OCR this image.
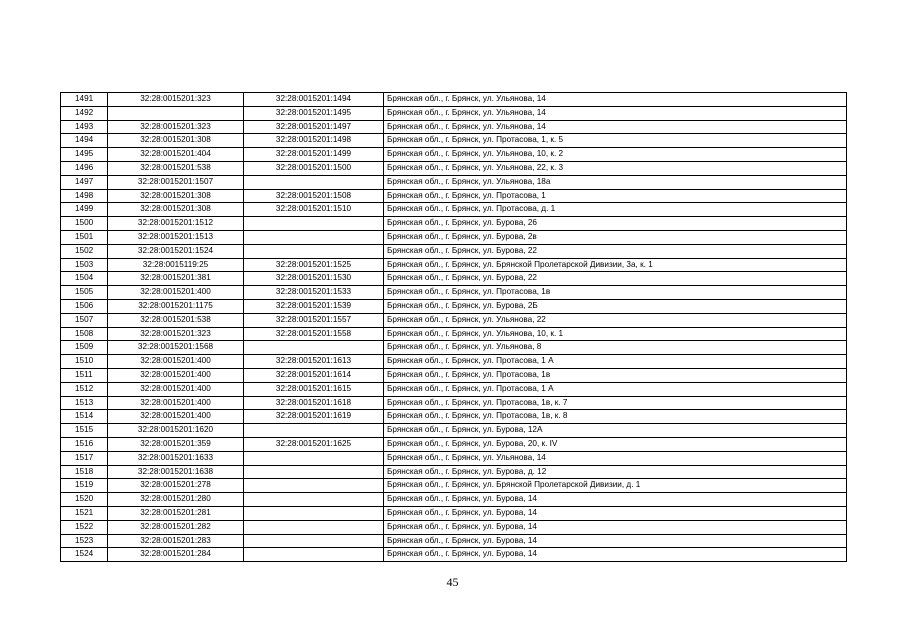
1491	32:28:0015201:323	32:28:0015201:1494	Брянская обл., г. Брянск, ул. Ульянова, 14
1492		32:28:0015201:1495	Брянская обл., г. Брянск, ул. Ульянова, 14
1493	32:28:0015201:323	32:28:0015201:1497	Брянская обл., г. Брянск, ул. Ульянова, 14
1494	32:28:0015201:308	32:28:0015201:1498	Брянская обл., г. Брянск, ул. Протасова, 1, к. 5
1495	32:28:0015201:404	32:28:0015201:1499	Брянская обл., г. Брянск, ул. Ульянова, 10, к. 2
1496	32:28:0015201:538	32:28:0015201:1500	Брянская обл., г. Брянск, ул. Ульянова, 22, к. 3
1497	32:28:0015201:1507		Брянская обл., г. Брянск, ул. Ульянова, 18а
1498	32:28:0015201:308	32:28:0015201:1508	Брянская обл., г. Брянск, ул. Протасова, 1
1499	32:28:0015201:308	32:28:0015201:1510	Брянская обл., г. Брянск, ул. Протасова, д. 1
1500	32:28:0015201:1512		Брянская обл., г. Брянск, ул. Бурова, 26
1501	32:28:0015201:1513		Брянская обл., г. Брянск, ул. Бурова, 2в
1502	32:28:0015201:1524		Брянская обл., г. Брянск, ул. Бурова, 22
1503	32:28:0015119:25	32:28:0015201:1525	Брянская обл., г. Брянск, ул. Брянской Пролетарской Дивизии, 3а, к. 1
1504	32:28:0015201:381	32:28:0015201:1530	Брянская обл., г. Брянск, ул. Бурова, 22
1505	32:28:0015201:400	32:28:0015201:1533	Брянская обл., г. Брянск, ул. Протасова, 1в
1506	32:28:0015201:1175	32:28:0015201:1539	Брянская обл., г. Брянск, ул. Бурова, 2Б
1507	32:28:0015201:538	32:28:0015201:1557	Брянская обл., г. Брянск, ул. Ульянова, 22
1508	32:28:0015201:323	32:28:0015201:1558	Брянская обл., г. Брянск, ул. Ульянова, 10, к. 1
1509	32:28:0015201:1568		Брянская обл., г. Брянск, ул. Ульянова, 8
1510	32:28:0015201:400	32:28:0015201:1613	Брянская обл., г. Брянск, ул. Протасова, 1 А
1511	32:28:0015201:400	32:28:0015201:1614	Брянская обл., г. Брянск, ул. Протасова, 1в
1512	32:28:0015201:400	32:28:0015201:1615	Брянская обл., г. Брянск, ул. Протасова, 1 А
1513	32:28:0015201:400	32:28:0015201:1618	Брянская обл., г. Брянск, ул. Протасова, 1в, к. 7
1514	32:28:0015201:400	32:28:0015201:1619	Брянская обл., г. Брянск, ул. Протасова, 1в, к. 8
1515	32:28:0015201:1620		Брянская обл., г. Брянск, ул. Бурова, 12А
1516	32:28:0015201:359	32:28:0015201:1625	Брянская обл., г. Брянск, ул. Бурова, 20, к. IV
1517	32:28:0015201:1633		Брянская обл., г. Брянск, ул. Ульянова, 14
1518	32:28:0015201:1638		Брянская обл., г. Брянск, ул. Бурова, д. 12
1519	32:28:0015201:278		Брянская обл., г. Брянск, ул. Брянской Пролетарской Дивизии, д. 1
1520	32:28:0015201:280		Брянская обл., г. Брянск, ул. Бурова, 14
1521	32:28:0015201:281		Брянская обл., г. Брянск, ул. Бурова, 14
1522	32:28:0015201:282		Брянская обл., г. Брянск, ул. Бурова, 14
1523	32:28:0015201:283		Брянская обл., г. Брянск, ул. Бурова, 14
1524	32:28:0015201:284		Брянская обл., г. Брянск, ул. Бурова, 14
45
